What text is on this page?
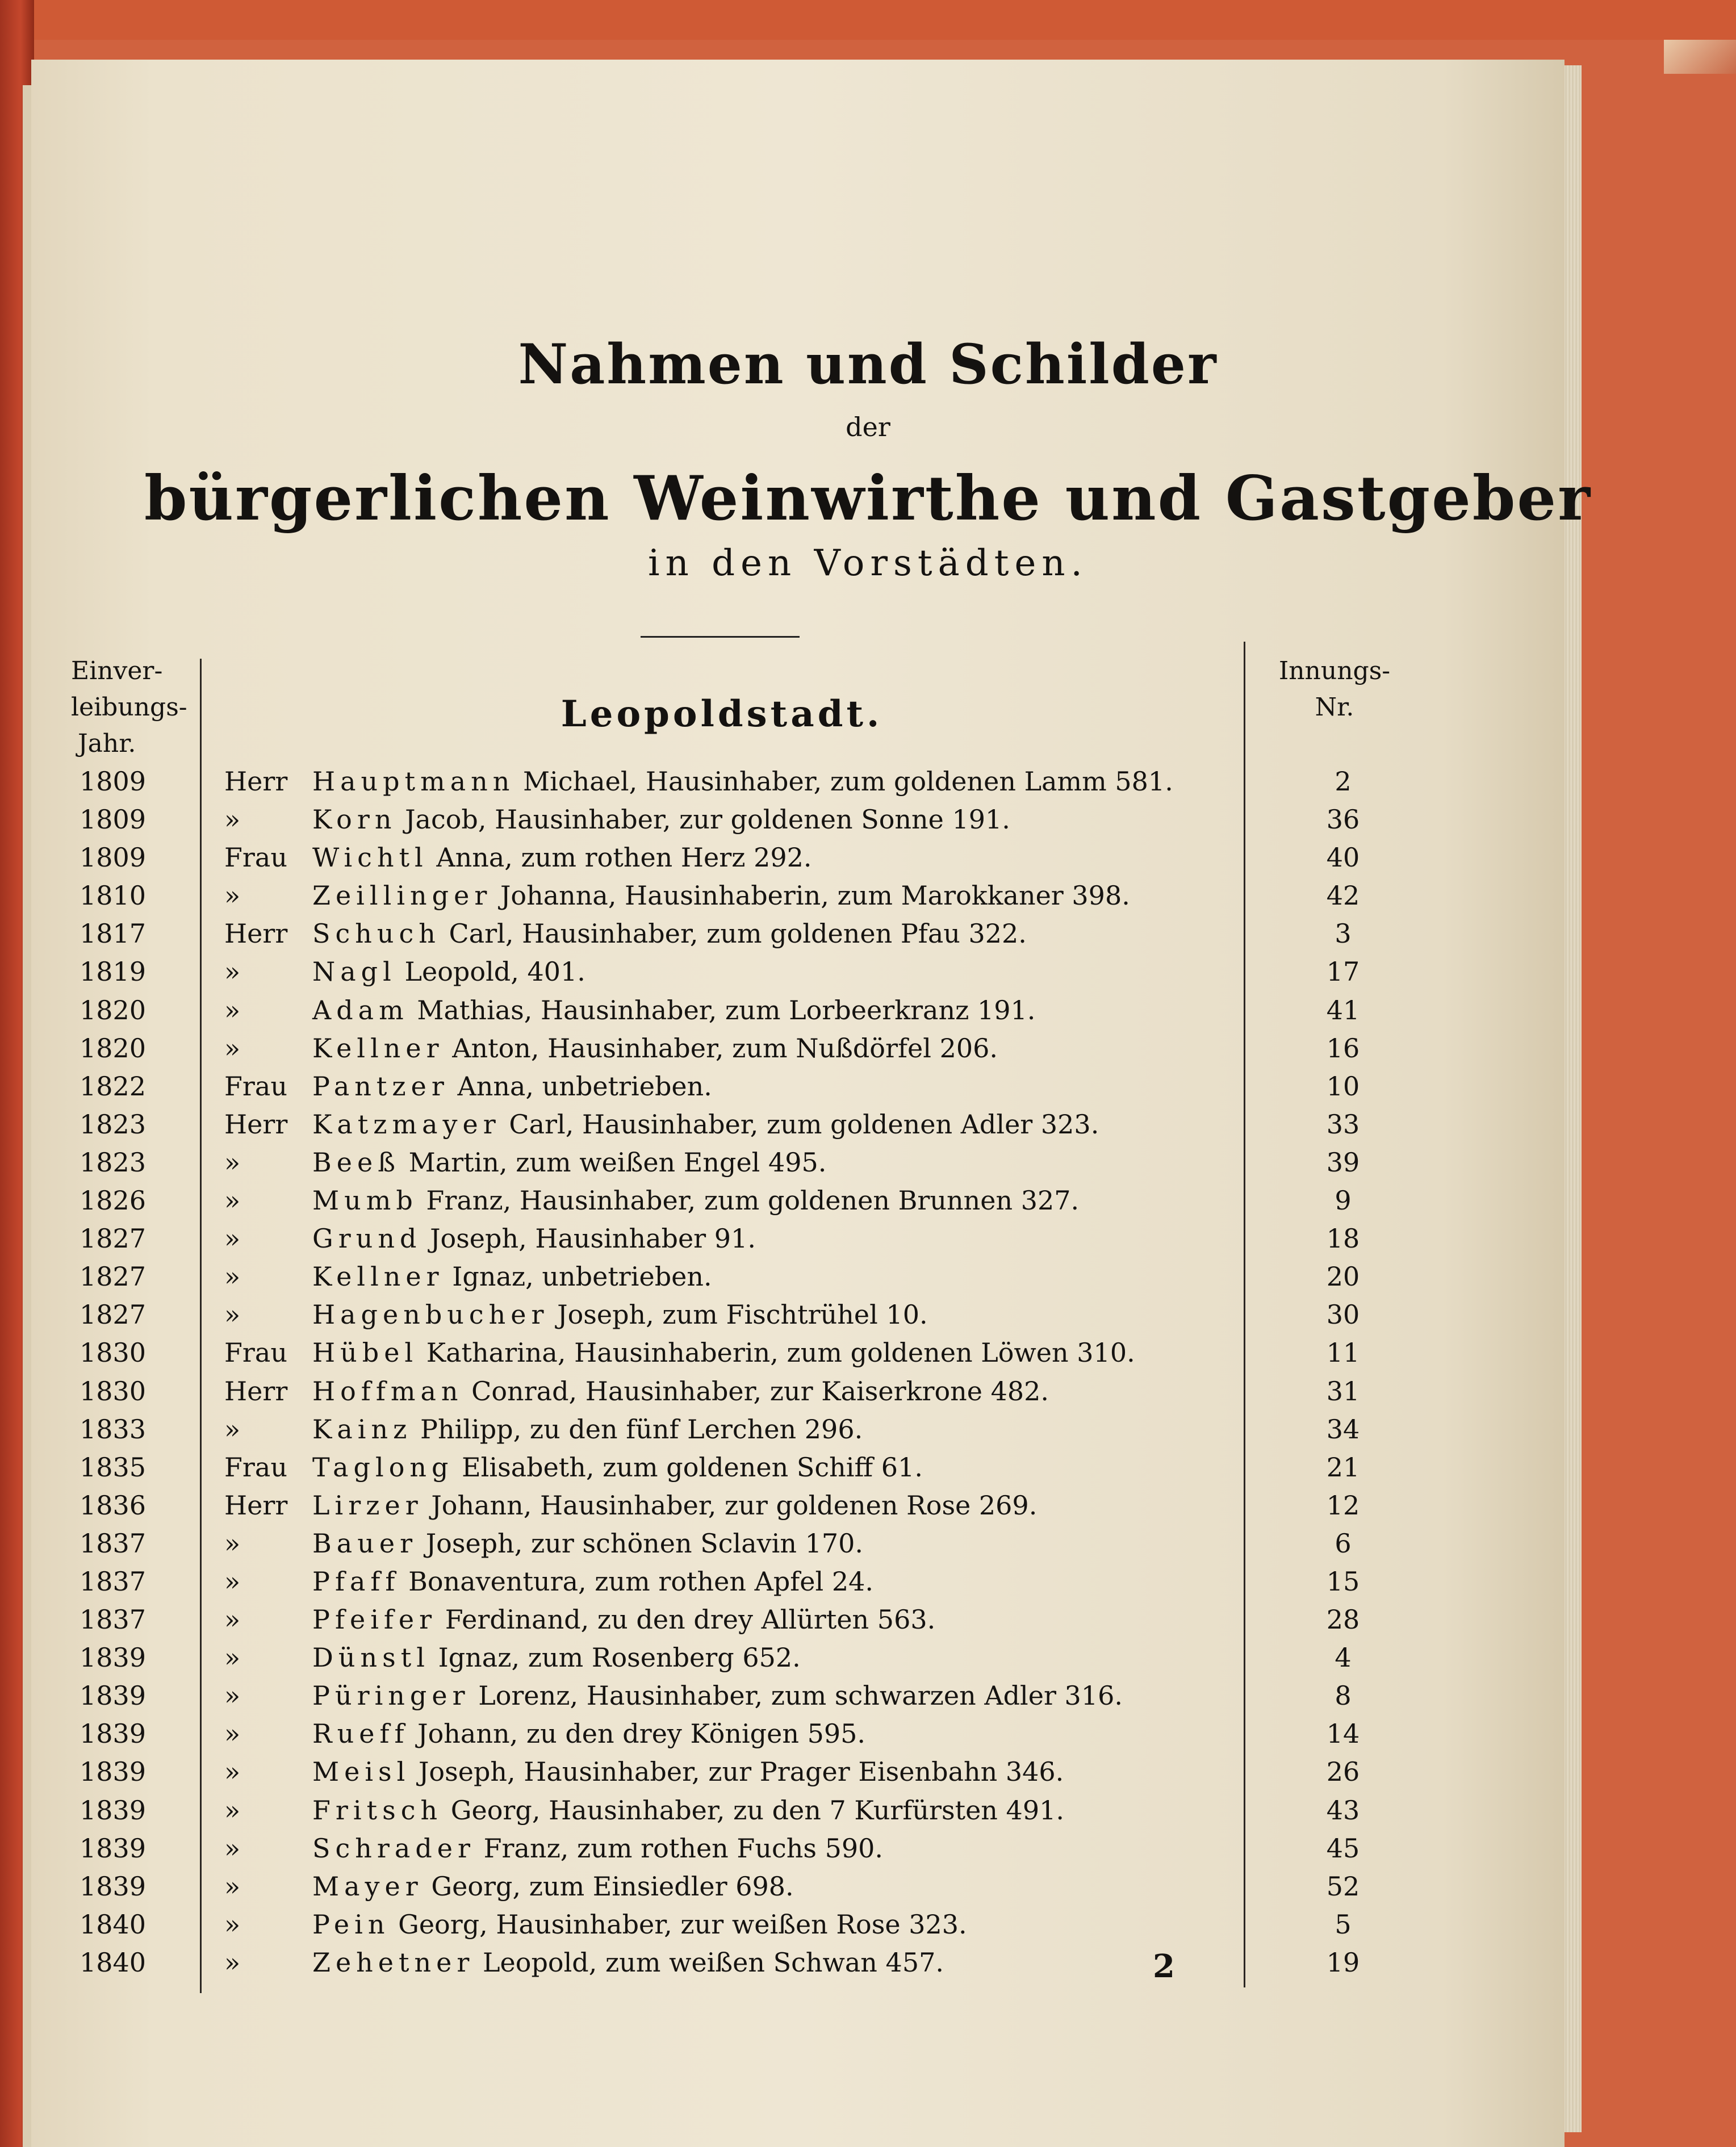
Nahmen und Schilder
der
bürgerlichen Weinwirthe und Gastgeber
in den Vorstädten.
Einver-
leibungs-
Jahr.
Innungs-
Nr.
Leopoldstadt.
1809	Herr Hauptmann Michael, Hausinhaber, zum goldenen Lamm 581.	2
1809	»	Korn Jacob, Hausinhaber, zur goldenen Sonne 191.	36
1809	Frau Wichtl Anna, zum rothen Herz 292.	40
1810	»	Zeillinger Johanna, Hausinhaberin, zum Marokkaner 398.	42
1817	Herr Schuch Carl, Hausinhaber, zum goldenen Pfau 322.	3
1819	»	Nagl Leopold, 401.	17
1820	»	Adam Mathias, Hausinhaber, zum Lorbeerkranz 191.	41
1820	»	Kellner Anton, Hausinhaber, zum Nußdörfel 206.	16
1822	Frau Pantzer Anna, unbetrieben.	10
1823	Herr Katzmayer Carl, Hausinhaber, zum goldenen Adler 323.	33
1823	»	Beeß Martin, zum weißen Engel 495.	39
1826	»	Mumb Franz, Hausinhaber, zum goldenen Brunnen 327.	9
1827	»	Grund Joseph, Hausinhaber 91.	18
1827	»	Kellner Ignaz, unbetrieben.	20
1827	»	Hagenbucher Joseph, zum Fischtrühel 10.	30
1830	Frau Hübel Katharina, Hausinhaberin, zum goldenen Löwen 310.	11
1830	Herr Hoffman Conrad, Hausinhaber, zur Kaiserkrone 482.	31
1833	»	Kainz Philipp, zu den fünf Lerchen 296.	34
1835	Frau Taglong Elisabeth, zum goldenen Schiff 61.	21
1836	Herr Lirzer Johann, Hausinhaber, zur goldenen Rose 269.	12
1837	»	Bauer Joseph, zur schönen Sclavin 170.	6
1837	»	Pfaff Bonaventura, zum rothen Apfel 24.	15
1837	»	Pfeifer Ferdinand, zu den drey Allürten 563.	28
1839	»	Dünstl Ignaz, zum Rosenberg 652.	4
1839	»	Püringer Lorenz, Hausinhaber, zum schwarzen Adler 316.	8
1839	»	Rueff Johann, zu den drey Königen 595.	14
1839	»	Meisl Joseph, Hausinhaber, zur Prager Eisenbahn 346.	26
1839	»	Fritsch Georg, Hausinhaber, zu den 7 Kurfürsten 491.	43
1839	»	Schrader Franz, zum rothen Fuchs 590.	45
1839	»	Mayer Georg, zum Einsiedler 698.	52
1840	»	Pein Georg, Hausinhaber, zur weißen Rose 323.	5
1840	»	Zehetner Leopold, zum weißen Schwan 457.	19
2
